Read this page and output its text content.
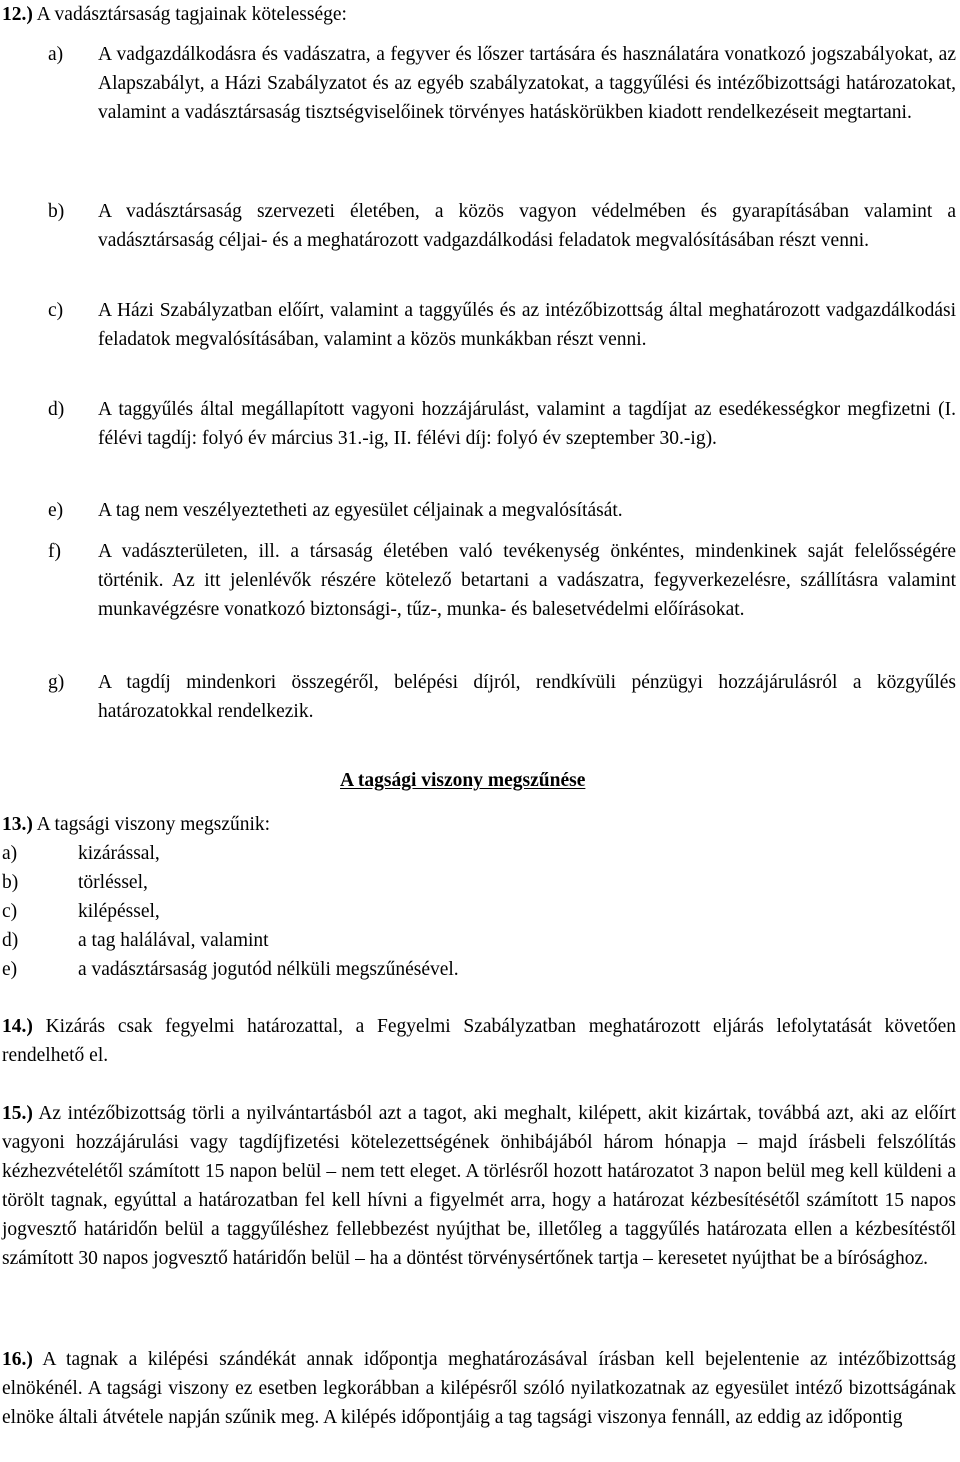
12.) A vadásztársaság tagjainak kötelessége:
a)	A vadgazdálkodásra és vadászatra, a fegyver és lőszer tartására és használatára vonatkozó jogszabályokat, az Alapszabályt, a Házi Szabályzatot és az egyéb szabályzatokat, a taggyűlési és intézőbizottsági határozatokat, valamint a vadásztársaság tisztségviselőinek törvényes hatáskörükben kiadott rendelkezéseit megtartani.
b)	A vadásztársaság szervezeti életében, a közös vagyon védelmében és gyarapításában valamint a vadásztársaság céljai- és a meghatározott vadgazdálkodási feladatok megvalósításában részt venni.
c)	A Házi Szabályzatban előírt, valamint a taggyűlés és az intézőbizottság által meghatározott vadgazdálkodási feladatok megvalósításában, valamint a közös munkákban részt venni.
d)	A taggyűlés által megállapított vagyoni hozzájárulást, valamint a tagdíjat az esedékességkor megfizetni (I. félévi tagdíj: folyó év március 31.-ig, II. félévi díj: folyó év szeptember 30.-ig).
e)	A tag nem veszélyeztetheti az egyesület céljainak a megvalósítását.
f)	A vadászterületen, ill. a társaság életében való tevékenység önkéntes, mindenkinek saját felelősségére történik. Az itt jelenlévők részére kötelező betartani a vadászatra, fegyverkezelésre, szállításra valamint munkavégzésre vonatkozó biztonsági-, tűz-, munka- és balesetvédelmi előírásokat.
g)	A tagdíj mindenkori összegéről, belépési díjról, rendkívüli pénzügyi hozzájárulásról a közgyűlés határozatokkal rendelkezik.
A tagsági viszony megszűnése
13.) A tagsági viszony megszűnik:
a)	kizárással,
b)	törléssel,
c)	kilépéssel,
d)	a tag halálával, valamint
e)	a vadásztársaság jogutód nélküli megszűnésével.

14.) Kizárás csak fegyelmi határozattal, a Fegyelmi Szabályzatban meghatározott eljárás lefolytatását követően rendelhető el.

15.) Az intézőbizottság törli a nyilvántartásból azt a tagot, aki meghalt, kilépett, akit kizártak, továbbá azt, aki az előírt vagyoni hozzájárulási vagy tagdíjfizetési kötelezettségének önhibájából három hónapja – majd írásbeli felszólítás kézhezvételétől számított 15 napon belül – nem tett eleget. A törlésről hozott határozatot 3 napon belül meg kell küldeni a törölt tagnak, egyúttal a határozatban fel kell hívni a figyelmét arra, hogy a határozat kézbesítésétől számított 15 napos jogvesztő határidőn belül a taggyűléshez fellebbezést nyújthat be, illetőleg a taggyűlés határozata ellen a kézbesítéstől számított 30 napos jogvesztő határidőn belül – ha a döntést törvénysértőnek tartja – keresetet nyújthat be a bírósághoz.

16.) A tagnak a kilépési szándékát annak időpontja meghatározásával írásban kell bejelentenie az intézőbizottság elnökénél. A tagsági viszony ez esetben legkorábban a kilépésről szóló nyilatkozatnak az egyesület intéző bizottságának elnöke általi átvétele napján szűnik meg. A kilépés időpontjáig a tag tagsági viszonya fennáll, az eddig az időpontig
